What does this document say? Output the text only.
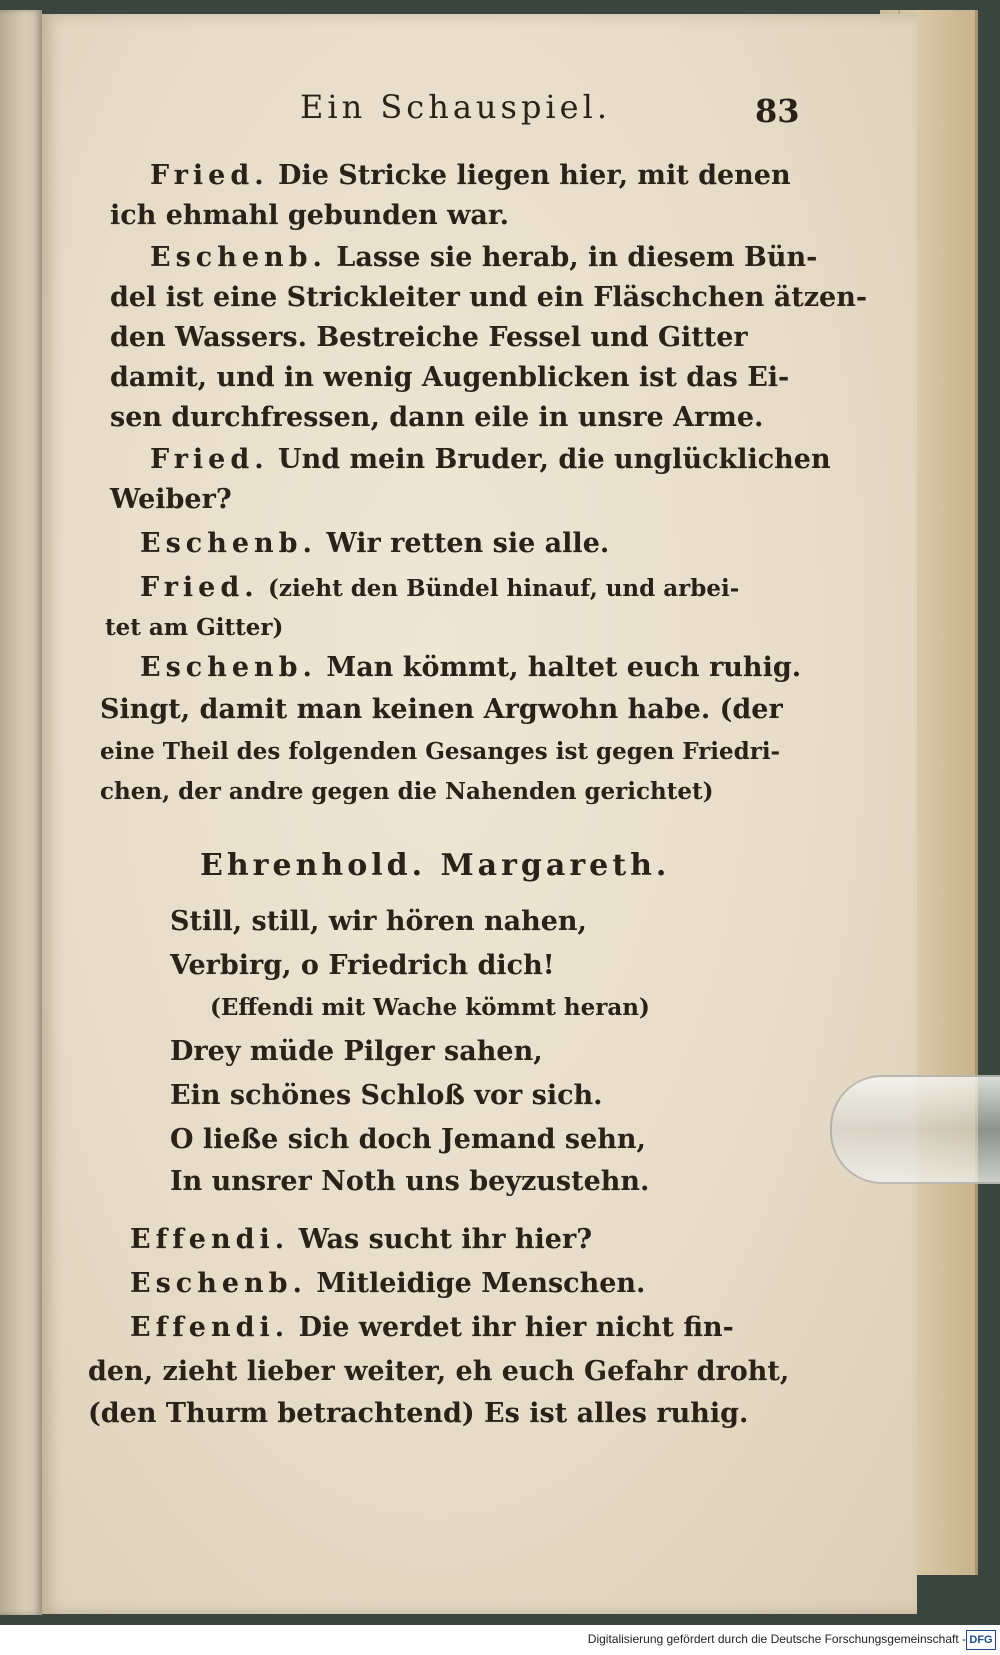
Ein Schauspiel.	83
Fried. Die Stricke liegen hier, mit denen
ich ehmahl gebunden war.
Eschenb. Lasse sie herab, in diesem Bün-
del ist eine Strickleiter und ein Fläschchen ätzen-
den Wassers. Bestreiche Fessel und Gitter
damit, und in wenig Augenblicken ist das Ei-
sen durchfressen, dann eile in unsre Arme.
Fried. Und mein Bruder, die unglücklichen
Weiber?
Eschenb. Wir retten sie alle.
Fried. (zieht den Bündel hinauf, und arbei-
tet am Gitter)
Eschenb. Man kömmt, haltet euch ruhig.
Singt, damit man keinen Argwohn habe. (der
eine Theil des folgenden Gesanges ist gegen Friedri-
chen, der andre gegen die Nahenden gerichtet)
Ehrenhold. Margareth.
Still, still, wir hören nahen,
Verbirg, o Friedrich dich!
(Effendi mit Wache kömmt heran)
Drey müde Pilger sahen,
Ein schönes Schloß vor sich.
O ließe sich doch Jemand sehn,
In unsrer Noth uns beyzustehn.
Effendi. Was sucht ihr hier?
Eschenb. Mitleidige Menschen.
Effendi. Die werdet ihr hier nicht fin-
den, zieht lieber weiter, eh euch Gefahr droht,
(den Thurm betrachtend) Es ist alles ruhig.
Digitalisierung gefördert durch die Deutsche Forschungsgemeinschaft - DFG
